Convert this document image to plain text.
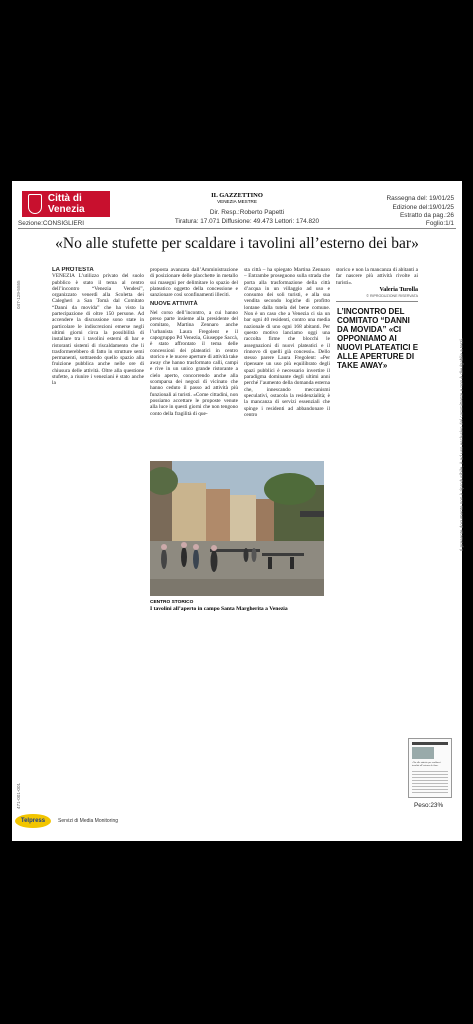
Città di Venezia
Sezione:CONSIGLIERI
IL GAZZETTINO
VENEZIA MESTRE
Dir. Resp.:Roberto Papetti
Tiratura: 17.071 Diffusione: 49.473 Lettori: 174.820
Rassegna del: 19/01/25
Edizione del:19/01/25
Estratto da pag.:26
Foglio:1/1
«No alle stufette per scaldare i tavolini all’esterno dei bar»
LA PROTESTA

VENEZIA L’utilizzo privato del suolo pubblico è stato il tema al centro dell’incontro “Venezia Vendesi”, organizzato venerdì alla Scoletta dei Calegheri a San Tomà dal Comitato “Danni da movida” che ha visto la partecipazione di oltre 150 persone. Ad accendere la discussione sono state in particolare le indiscrezioni emerse negli ultimi giorni circa la possibilità di installare tra i tavolini esterni di bar e ristoranti sistemi di riscaldamento che li trasformerebbero di fatto in strutture semi permanenti, sottraendo quello spazio alla fruizione pubblica anche nelle ore di chiusura delle attività. Oltre alla questione stufette, a riunire i veneziani è stato anche la

proposta avanzata dall’Amministrazione di posizionare delle placchette in metallo sui masegni per delimitare lo spazio del plateatico oggetto della concessione e sanzionare così sconfinamenti illeciti.

NUOVE ATTIVITÀ

Nel corso dell’incontro, a cui hanno preso parte insieme alla presidente del comitato, Martina Zennaro anche l’urbanista Laura Fregolent e il capogruppo Pd Venezia, Giuseppe Saccà, è stato affrontato il tema delle concessioni dei plateatici in centro storico e le nuove aperture di attività take away che hanno trasformato calli, campi e rive in un unico grande ristorante a cielo aperto, concorrendo anche alla scomparsa dei negozi di vicinato che hanno ceduto il passo ad attività più funzionali ai turisti. «Come cittadini, non possiamo accettare le proposte venute alla luce in questi giorni che non tengono conto della fragilità di que-

sta città – ha spiegato Martina Zennaro – Entrambe proseguono sulla strada che porta alla trasformazione della città d’acqua in un villaggio ad uso e consumo dei soli turisti, e alla sua vendita secondo logiche di profitto lontane dalla tutela del bene comune. Non è un caso che a Venezia ci sia un bar ogni 40 residenti, contro una media nazionale di uno ogni 168 abitanti. Per questo motivo lanciamo oggi una raccolta firme che blocchi le assegnazioni di nuovi plateatici e il rinnovo di quelli già concessi». Dello stesso parere Laura Fregolent: «Per ripensare un uso più equilibrato degli spazi pubblici è necessario invertire il paradigma dominante degli ultimi anni perché l’aumento della domanda esterna che, innescando meccanismi speculativi, ostacola la residenzialità; è la mancanza di servizi essenziali che spinge i residenti ad abbandonare il centro

storico e non la mancanza di abitanti a far nascere più attività rivolte ai turisti».

Valeria Turolla
© RIPRODUZIONE RISERVATA
L’INCONTRO DEL COMITATO “DANNI DA MOVIDA” «CI OPPONIAMO AI NUOVI PLATEATICI E ALLE APERTURE DI TAKE AWAY»
CENTRO STORICO
I tavolini all’aperto in campo Santa Margherita a Venezia
«No alle stufette per scaldare i tavolini all’esterno dei bar»
Peso:23%
Telpress	Servizi di Media Monitoring
047-129-5555
471-001-001
Il presente documento non è riproducibile, è ad uso esclusivo del committente e non è divulgabile a terzi.
